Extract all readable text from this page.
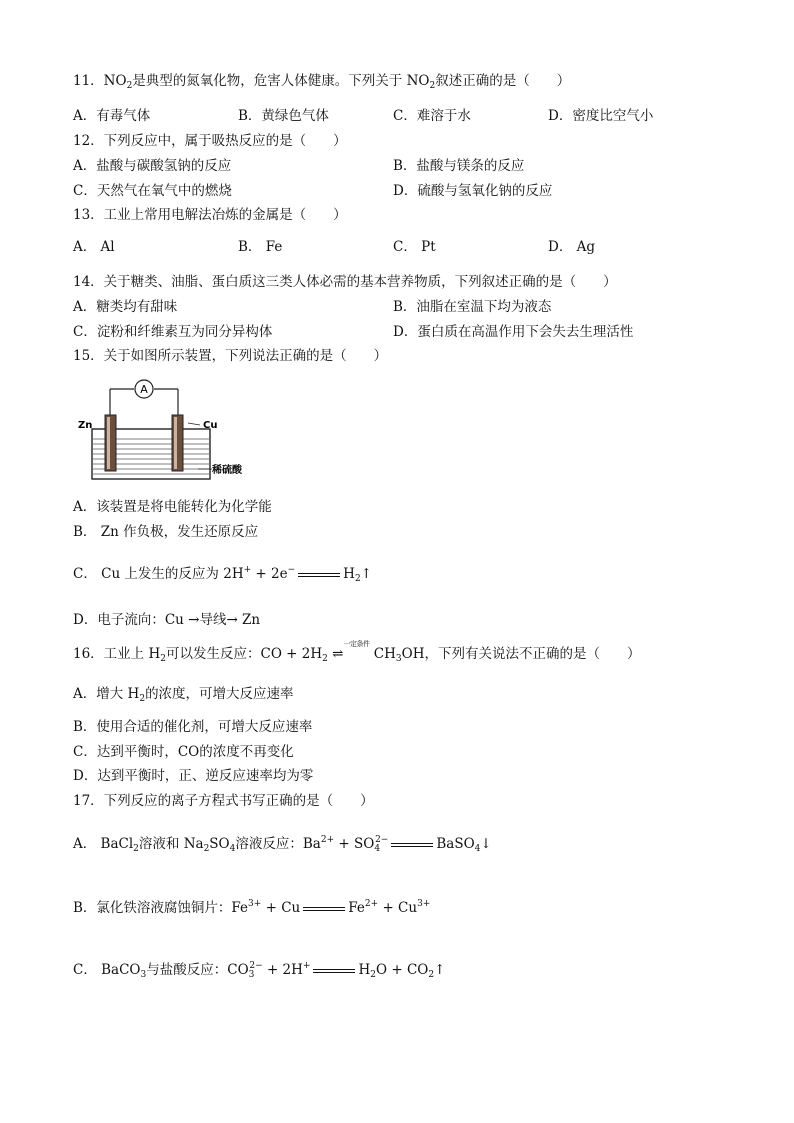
11．$NO_2$是典型的氮氧化物，危害人体健康。下列关于 $NO_2$叙述正确的是（　　）
A．有毒气体	B．黄绿色气体	C．难溶于水	D．密度比空气小
12．下列反应中，属于吸热反应的是（　　）
A．盐酸与碳酸氢钠的反应	B．盐酸与镁条的反应
C．天然气在氧气中的燃烧	D．硫酸与氢氧化钠的反应
13．工业上常用电解法冶炼的金属是（　　）
A． Al	B． Fe	C． Pt	D． Ag
14．关于糖类、油脂、蛋白质这三类人体必需的基本营养物质，下列叙述正确的是（　　）
A．糖类均有甜味	B．油脂在室温下均为液态
C．淀粉和纤维素互为同分异构体	D．蛋白质在高温作用下会失去生理活性
15．关于如图所示装置，下列说法正确的是（　　）
A
Zn	Cu
稀硫酸
A．该装置是将电能转化为化学能
B． Zn 作负极，发生还原反应
C． Cu 上发生的反应为 2H+ + 2e−	$H_2↑$
D．电子流向：Cu →导线→ Zn
16．工业上 $H_2$可以发生反应：CO + $2H_2$ ⇌$^{一定条件}$ $CH_3OH$，下列有关说法不正确的是（　　）
A．增大 $H_2$的浓度，可增大反应速率
B．使用合适的催化剂，可增大反应速率
C．达到平衡时，CO的浓度不再变化
D．达到平衡时，正、逆反应速率均为零
17．下列反应的离子方程式书写正确的是（　　）
A． BaCl$_2$溶液和 $Na_2SO_4$溶液反应：$Ba^{2+} + SO_4^{2-}$	BaSO$_4$↓
B．氯化铁溶液腐蚀铜片：$Fe^{3+} + Cu$	$Fe^{2+} + Cu^{3+}$
C． BaCO$_3$与盐酸反应：$CO_3^{2-} + 2H^+$	$H_2O$ + $CO_2↑$
